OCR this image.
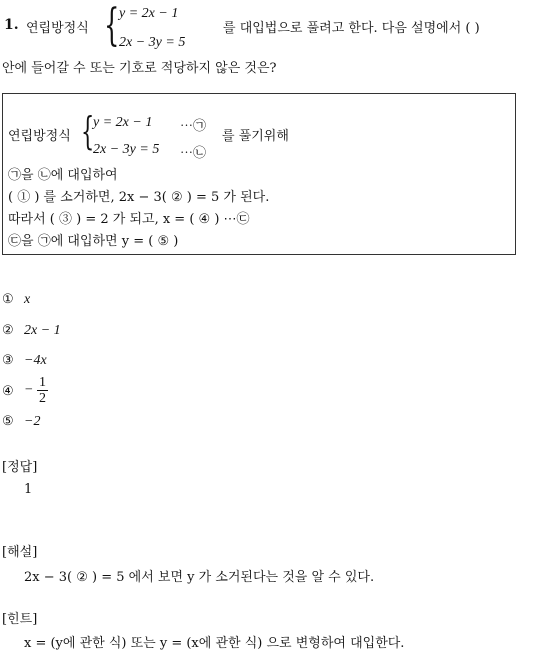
1. 연립방정식 { y = 2x − 1
2x − 3y = 5
를 대입법으로 풀려고 한다. 다음 설명에서 ( )
안에 들어갈 수 또는 기호로 적당하지 않은 것은?
연립방정식 {
y = 2x − 1 ⋯㉠
2x − 3y = 5 ⋯㉡
를 풀기위해
㉠을 ㉡에 대입하여
( ① ) 를 소거하면, 2x − 3( ② ) = 5 가 된다.
따라서 ( ③ ) = 2 가 되고, x = ( ④ ) ⋯㉢
㉢을 ㉠에 대입하면 y = ( ⑤ )
① x
② 2x − 1
③ −4x
④ − $\frac{1}{2}$
⑤ −2
[정답]
1
[해설]
2x − 3( ② ) = 5 에서 보면 y 가 소거된다는 것을 알 수 있다.
[힌트]
x = (y에 관한 식) 또는 y = (x에 관한 식) 으로 변형하여 대입한다.
